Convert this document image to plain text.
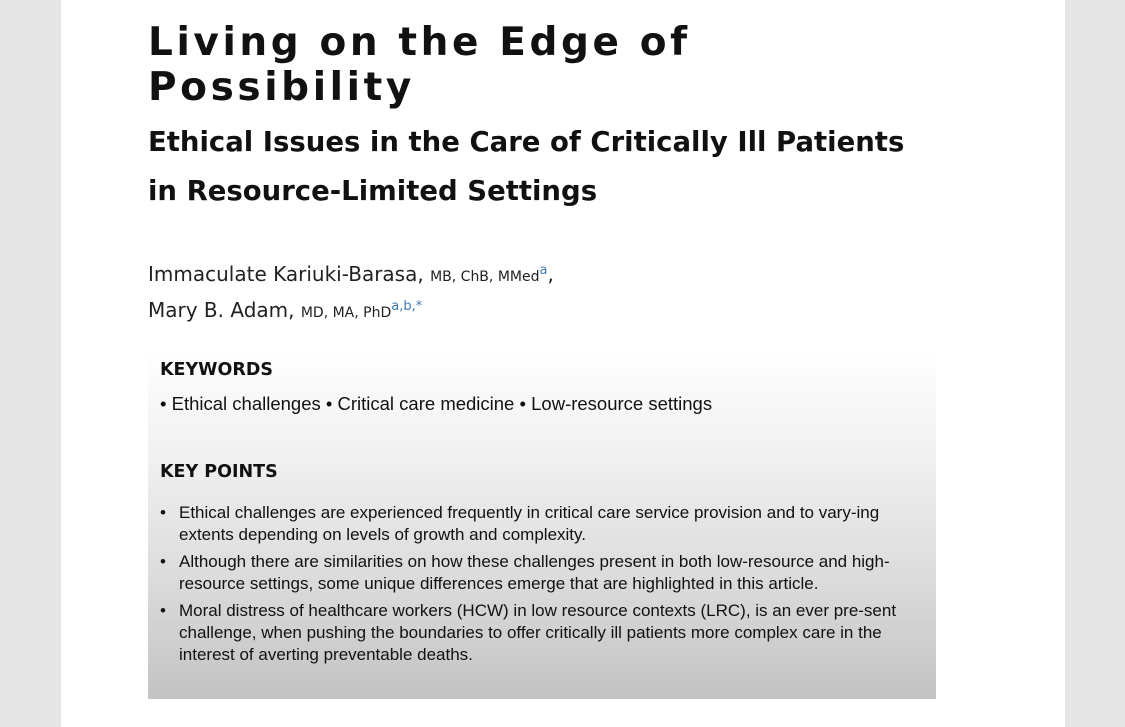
Living on the Edge of
Possibility
Ethical Issues in the Care of Critically Ill Patients
in Resource-Limited Settings
Immaculate Kariuki-Barasa, MB, ChB, MMed$^a$,
Mary B. Adam, MD, MA, PhD$^{a,b,*}$
KEYWORDS
• Ethical challenges • Critical care medicine • Low-resource settings
KEY POINTS
• Ethical challenges are experienced frequently in critical care service provision and to vary-ing extents depending on levels of growth and complexity.
• Although there are similarities on how these challenges present in both low-resource and high-resource settings, some unique differences emerge that are highlighted in this article.
• Moral distress of healthcare workers (HCW) in low resource contexts (LRC), is an ever pre-sent challenge, when pushing the boundaries to offer critically ill patients more complex care in the interest of averting preventable deaths.
